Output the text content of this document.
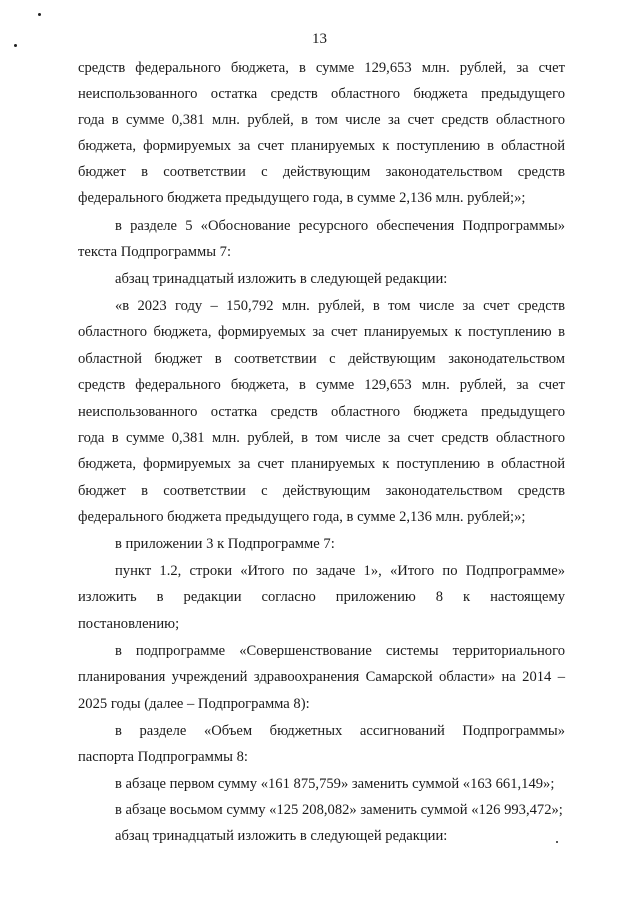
13
средств федерального бюджета, в сумме 129,653 млн. рублей, за счет
неиспользованного остатка средств областного бюджета предыдущего
года в сумме 0,381 млн. рублей, в том числе за счет средств областного
бюджета, формируемых за счет планируемых к поступлению в областной
бюджет в соответствии с действующим законодательством средств
федерального бюджета предыдущего года, в сумме 2,136 млн. рублей;»;
в разделе 5 «Обоснование ресурсного обеспечения Подпрограммы»
текста Подпрограммы 7:
абзац тринадцатый изложить в следующей редакции:
«в 2023 году – 150,792 млн. рублей, в том числе за счет средств
областного бюджета, формируемых за счет планируемых к поступлению в
областной бюджет в соответствии с действующим законодательством
средств федерального бюджета, в сумме 129,653 млн. рублей, за счет
неиспользованного остатка средств областного бюджета предыдущего
года в сумме 0,381 млн. рублей, в том числе за счет средств областного
бюджета, формируемых за счет планируемых к поступлению в областной
бюджет в соответствии с действующим законодательством средств
федерального бюджета предыдущего года, в сумме 2,136 млн. рублей;»;
в приложении 3 к Подпрограмме 7:
пункт 1.2, строки «Итого по задаче 1», «Итого по Подпрограмме»
изложить в редакции согласно приложению 8 к настоящему
постановлению;
в подпрограмме «Совершенствование системы территориального
планирования учреждений здравоохранения Самарской области» на 2014 –
2025 годы (далее – Подпрограмма 8):
в разделе «Объем бюджетных ассигнований Подпрограммы»
паспорта Подпрограммы 8:
в абзаце первом сумму «161 875,759» заменить суммой «163 661,149»;
в абзаце восьмом сумму «125 208,082» заменить суммой «126 993,472»;
абзац тринадцатый изложить в следующей редакции:
